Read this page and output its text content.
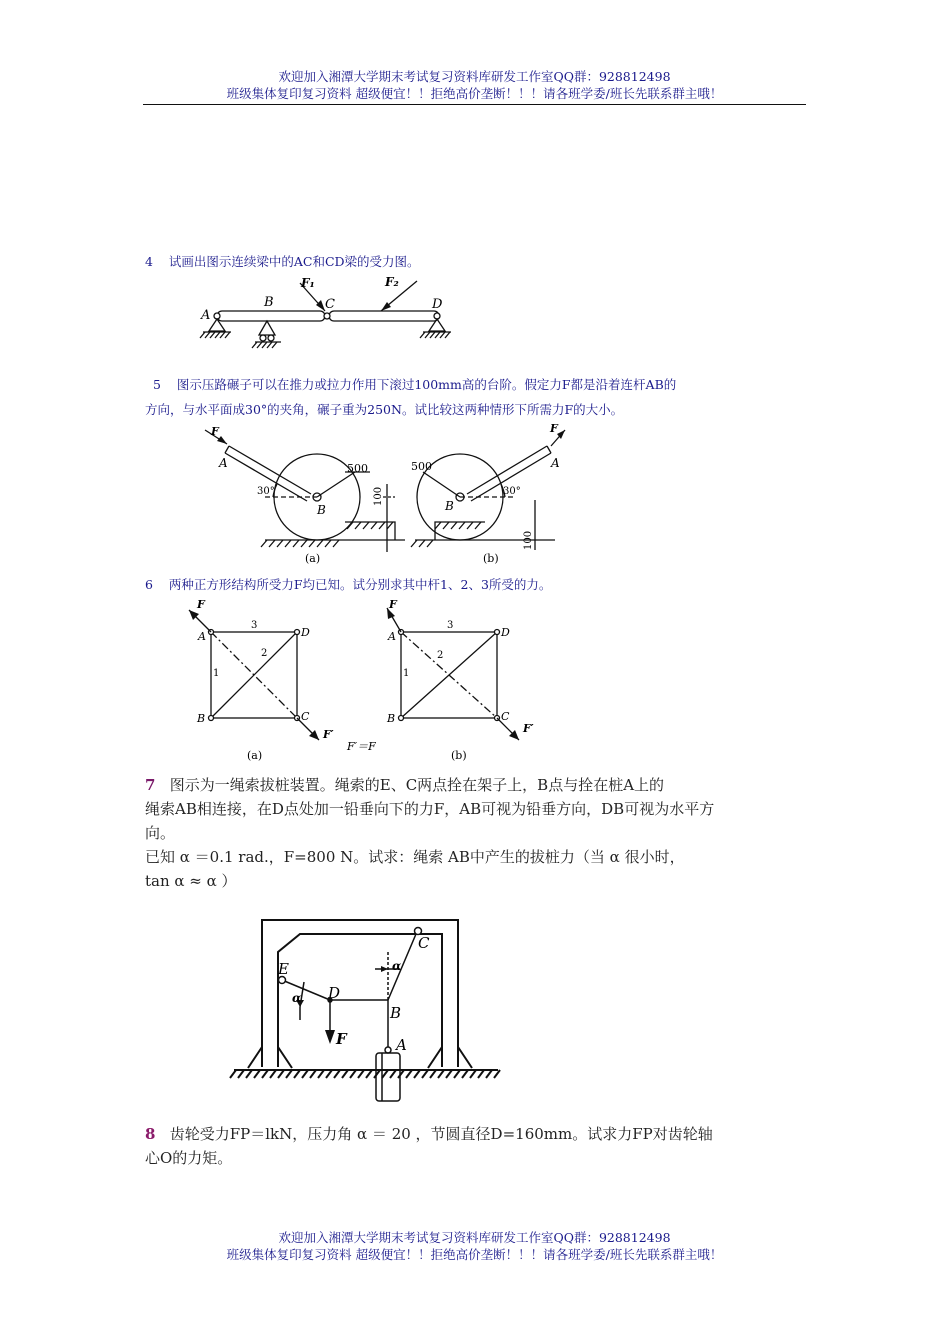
欢迎加入湘潭大学期末考试复习资料库研发工作室QQ群：928812498
班级集体复印复习资料 超级便宜！！拒绝高价垄断！！！请各班学委/班长先联系群主哦！
4 试画出图示连续梁中的AC和CD梁的受力图。
A
B	C	D
F₁	F₂
5 图示压路碾子可以在推力或拉力作用下滚过100mm高的台阶。假定力F都是沿着连杆AB的
方向，与水平面成30°的夹角，碾子重为250N。试比较这两种情形下所需力F的大小。
F
A
B
500
30°	100
(a)
F
A
B
500
30°
100
(b)
6 两种正方形结构所受力F均已知。试分别求其中杆1、2、3所受的力。
F
A	D
B	C
3
2
1
F′
(a)
F′＝F
F
A	D
B	C
3
2
1
F′
(b)
7 图示为一绳索拔桩装置。绳索的E、C两点拴在架子上，B点与拴在桩A上的
绳索AB相连接，在D点处加一铅垂向下的力F，AB可视为铅垂方向，DB可视为水平方
向。
已知 α ＝0.1 rad.，F=800 N。试求：绳索 AB中产生的拔桩力（当 α 很小时，
tan α ≈ α ）
E
D
B
C
A
F
α
α
8 齿轮受力FP＝lkN，压力角 α ＝ 20 ，节圆直径D=160mm。试求力FP对齿轮轴
心O的力矩。
欢迎加入湘潭大学期末考试复习资料库研发工作室QQ群：928812498
班级集体复印复习资料 超级便宜！！拒绝高价垄断！！！请各班学委/班长先联系群主哦！
